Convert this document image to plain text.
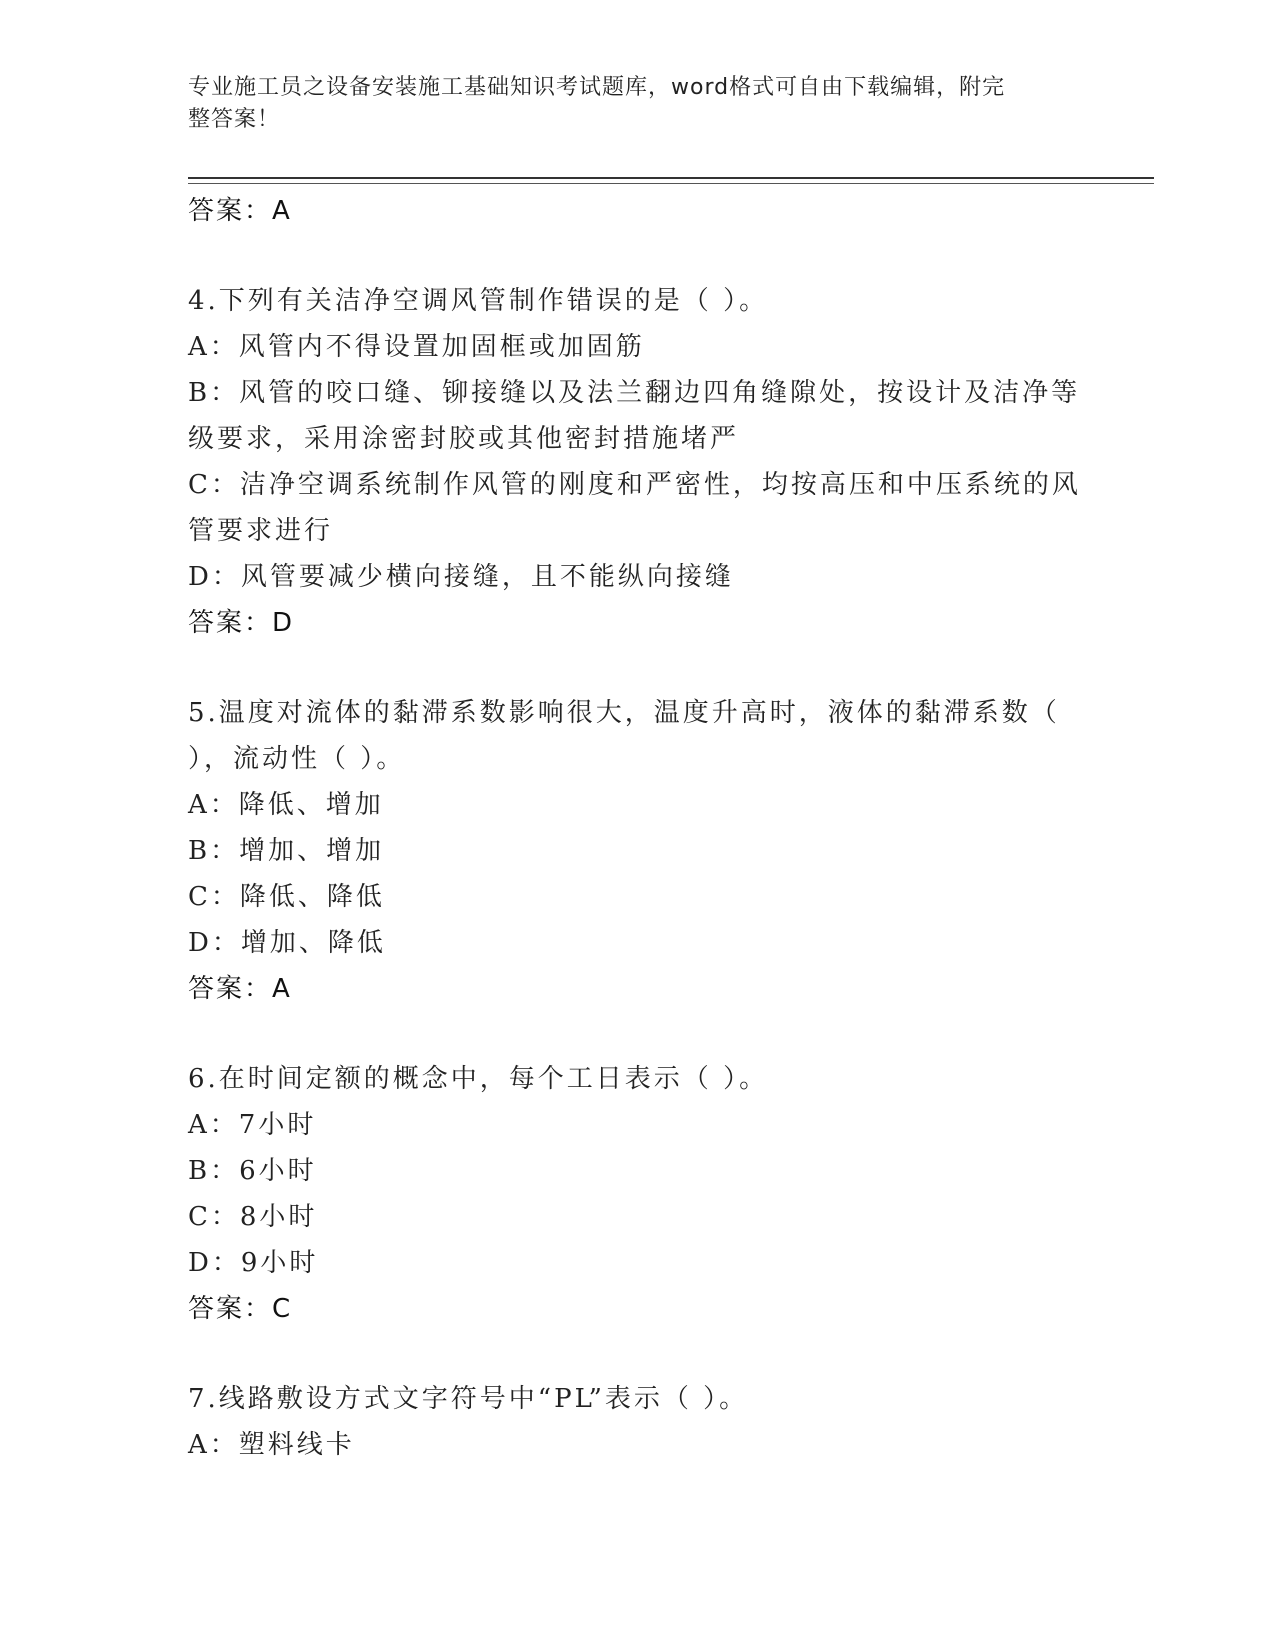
专业施工员之设备安装施工基础知识考试题库，word格式可自由下载编辑，附完
整答案！
答案：A
4.下列有关洁净空调风管制作错误的是（ ）。
A：风管内不得设置加固框或加固筋
B：风管的咬口缝、铆接缝以及法兰翻边四角缝隙处，按设计及洁净等
级要求，采用涂密封胶或其他密封措施堵严
C：洁净空调系统制作风管的刚度和严密性，均按高压和中压系统的风
管要求进行
D：风管要减少横向接缝，且不能纵向接缝
答案：D
5.温度对流体的黏滞系数影响很大，温度升高时，液体的黏滞系数（
），流动性（ ）。
A：降低、增加
B：增加、增加
C：降低、降低
D：增加、降低
答案：A
6.在时间定额的概念中，每个工日表示（ ）。
A：7小时
B：6小时
C：8小时
D：9小时
答案：C
7.线路敷设方式文字符号中“PL”表示（ ）。
A：塑料线卡
